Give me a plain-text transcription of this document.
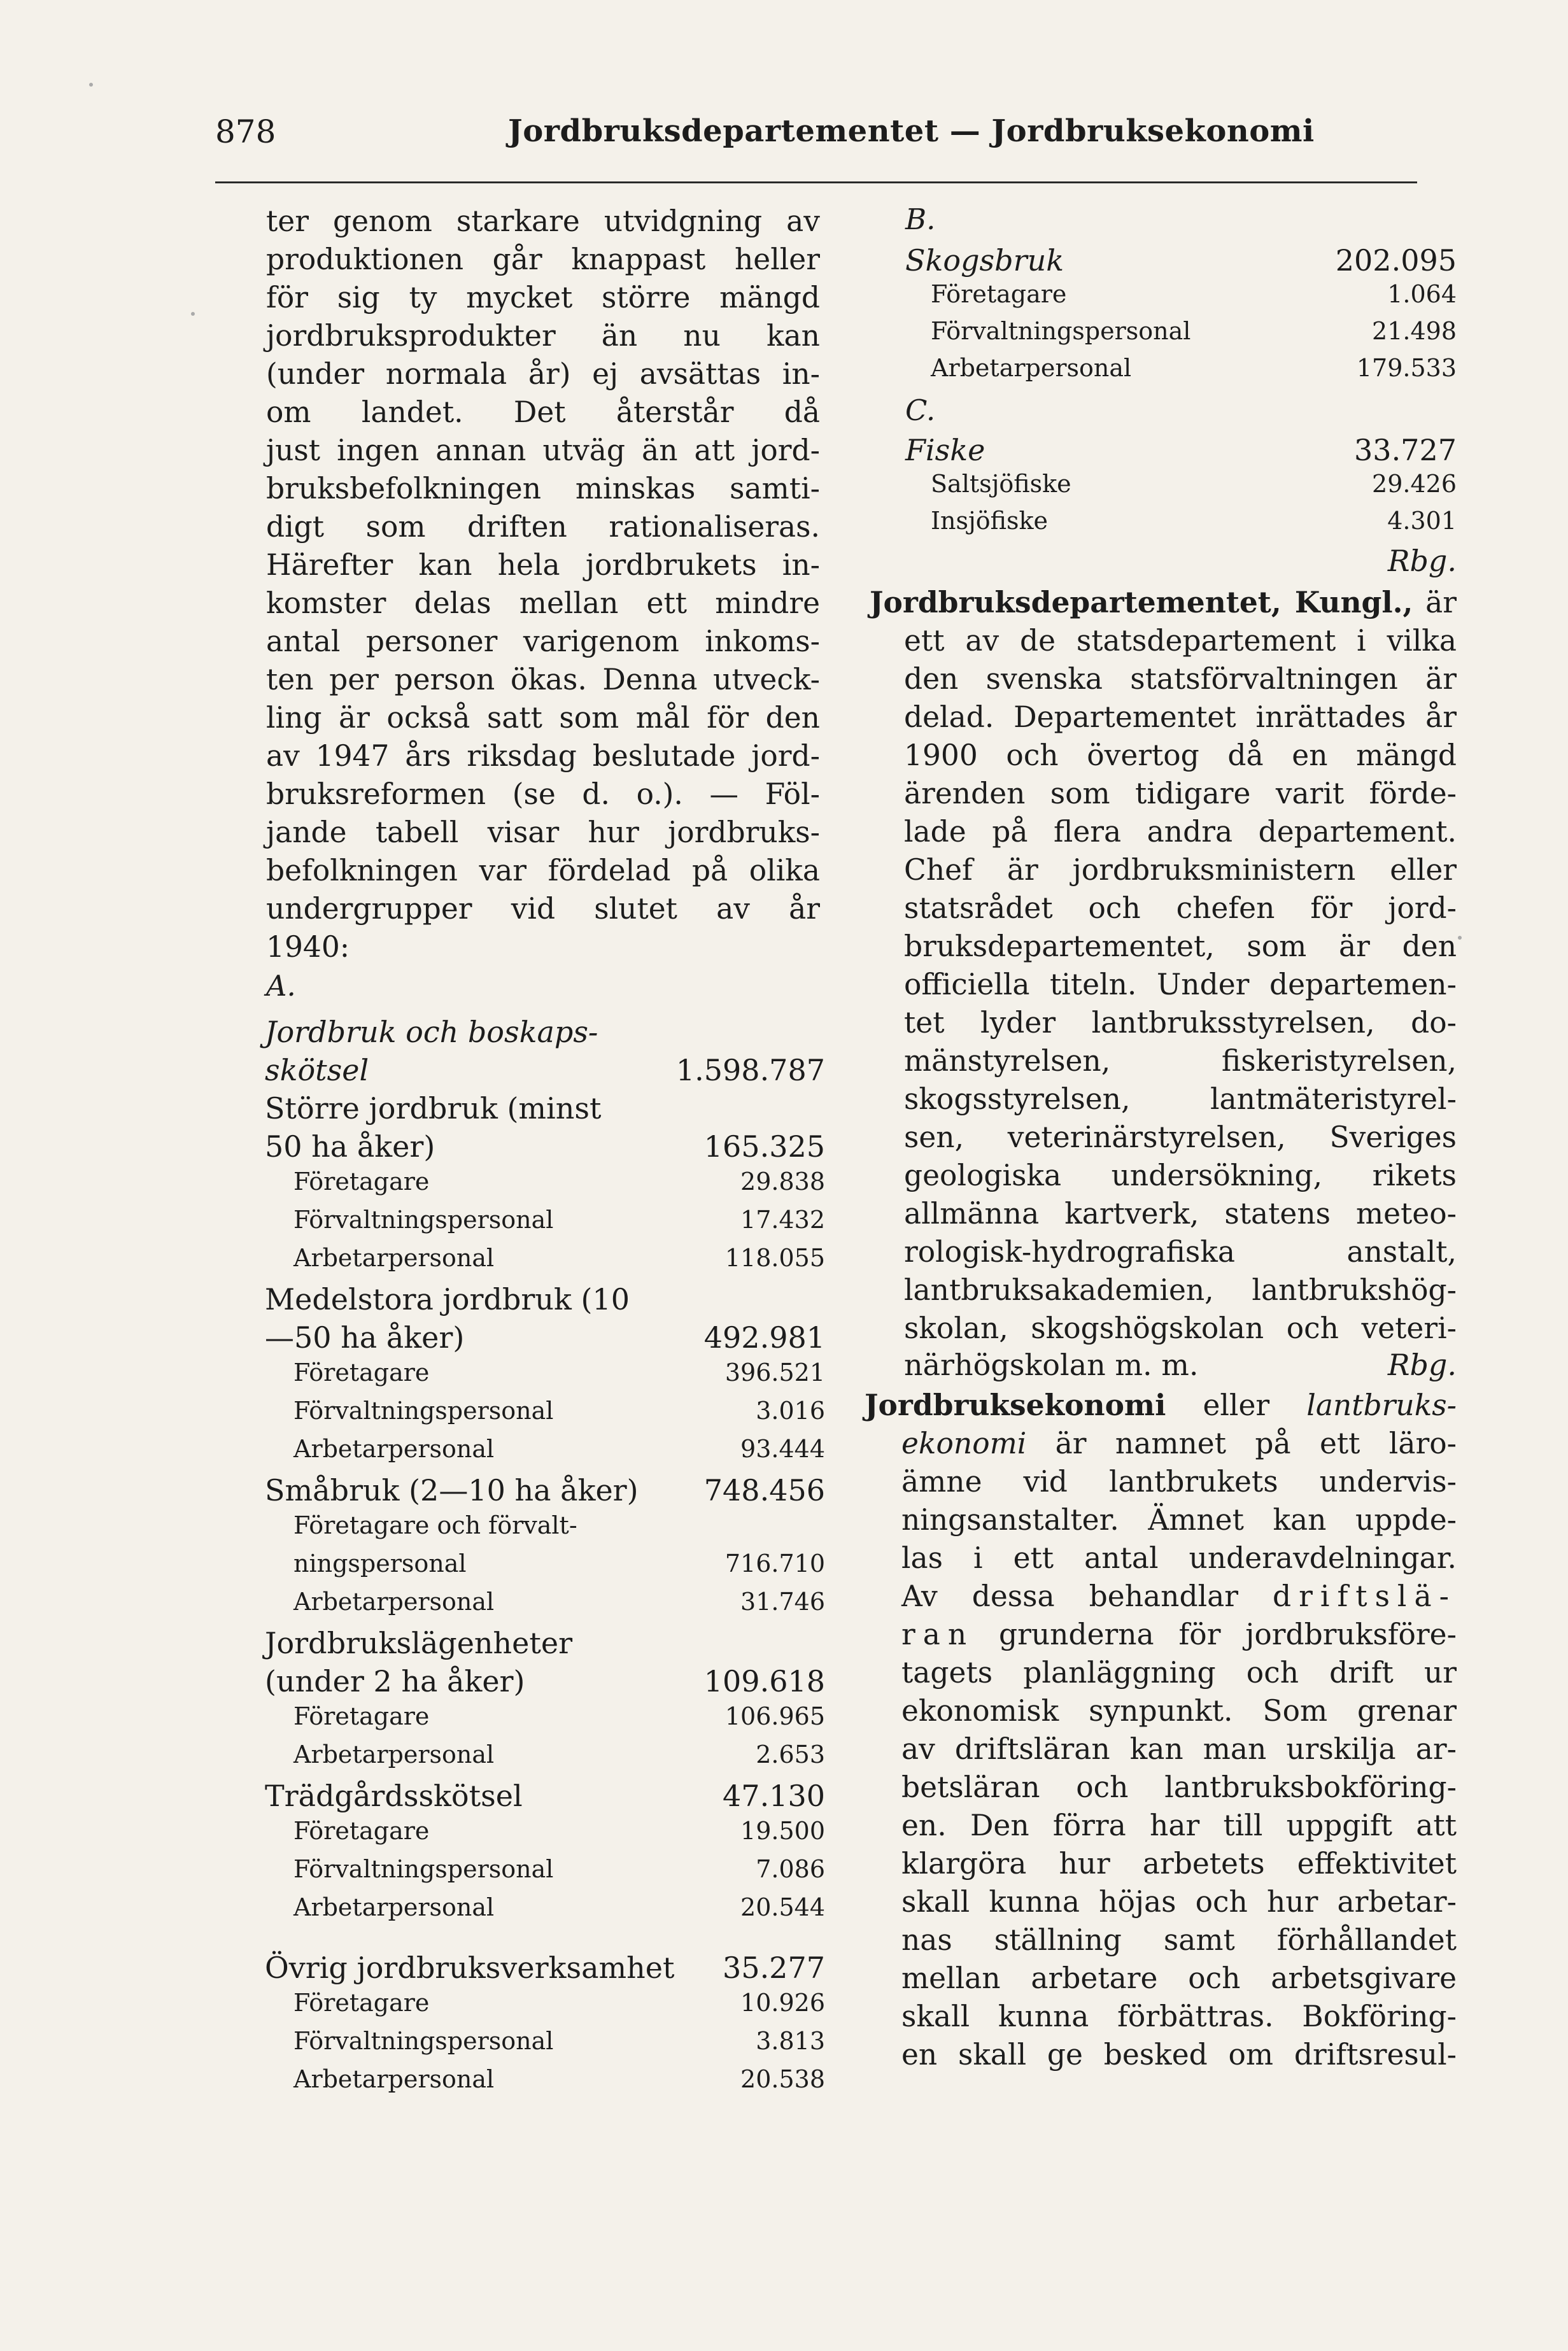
878	Jordbruksdepartementet — Jordbruksekonomi

ter genom starkare utvidgning av

produktionen går knappast heller

för sig ty mycket större mängd

jordbruksprodukter än nu kan

(under normala år) ej avsättas in-

om landet. Det återstår då

just ingen annan utväg än att jord-

bruksbefolkningen minskas samti-

digt som driften rationaliseras.

Härefter kan hela jordbrukets in-

komster delas mellan ett mindre

antal personer varigenom inkoms-

ten per person ökas. Denna utveck-

ling är också satt som mål för den

av 1947 års riksdag beslutade jord-

bruksreformen (se d. o.). — Föl-

jande tabell visar hur jordbruks-

befolkningen var fördelad på olika

undergrupper vid slutet av år

1940:

A.
Jordbruk och boskaps-
skötsel	1.598.787
Större jordbruk (minst
50 ha åker)	165.325
Företagare	29.838
Förvaltningspersonal	17.432
Arbetarpersonal	118.055
Medelstora jordbruk (10
—50 ha åker)	492.981
Företagare	396.521
Förvaltningspersonal	3.016
Arbetarpersonal	93.444
Småbruk (2—10 ha åker) 748.456
Företagare och förvalt-
ningspersonal	716.710
Arbetarpersonal	31.746
Jordbrukslägenheter
(under 2 ha åker)	109.618
Företagare	106.965
Arbetarpersonal	2.653
Trädgårdsskötsel	47.130
Företagare	19.500
Förvaltningspersonal	7.086
Arbetarpersonal	20.544
Övrig jordbruksverksamhet 35.277
Företagare	10.926
Förvaltningspersonal	3.813
Arbetarpersonal	20.538
B.
Skogsbruk	202.095
Företagare	1.064
Förvaltningspersonal	21.498
Arbetarpersonal	179.533
C.
Fiske	33.727
Saltsjöfiske	29.426
Insjöfiske	4.301
Rbg.

Jordbruksdepartementet, Kungl., är

ett av de statsdepartement i vilka

den svenska statsförvaltningen är

delad. Departementet inrättades år

1900 och övertog då en mängd

ärenden som tidigare varit förde-

lade på flera andra departement.

Chef är jordbruksministern eller

statsrådet och chefen för jord-

bruksdepartementet, som är den

officiella titeln. Under departemen-

tet lyder lantbruksstyrelsen, do-

mänstyrelsen, fiskeristyrelsen,

skogsstyrelsen, lantmäteristyrel-

sen, veterinärstyrelsen, Sveriges

geologiska undersökning, rikets

allmänna kartverk, statens meteo-

rologisk-hydrografiska anstalt,

lantbruksakademien, lantbrukshög-

skolan, skogshögskolan och veteri-

närhögskolan m. m.	Rbg.

Jordbruksekonomi eller lantbruks-

ekonomi är namnet på ett läro-

ämne vid lantbrukets undervis-

ningsanstalter. Ämnet kan uppde-

las i ett antal underavdelningar.

Av dessa behandlar driftslä-

ran grunderna för jordbruksföre-

tagets planläggning och drift ur

ekonomisk synpunkt. Som grenar

av driftsläran kan man urskilja ar-

betsläran och lantbruksbokföring-

en. Den förra har till uppgift att

klargöra hur arbetets effektivitet

skall kunna höjas och hur arbetar-

nas ställning samt förhållandet

mellan arbetare och arbetsgivare

skall kunna förbättras. Bokföring-

en skall ge besked om driftsresul-
